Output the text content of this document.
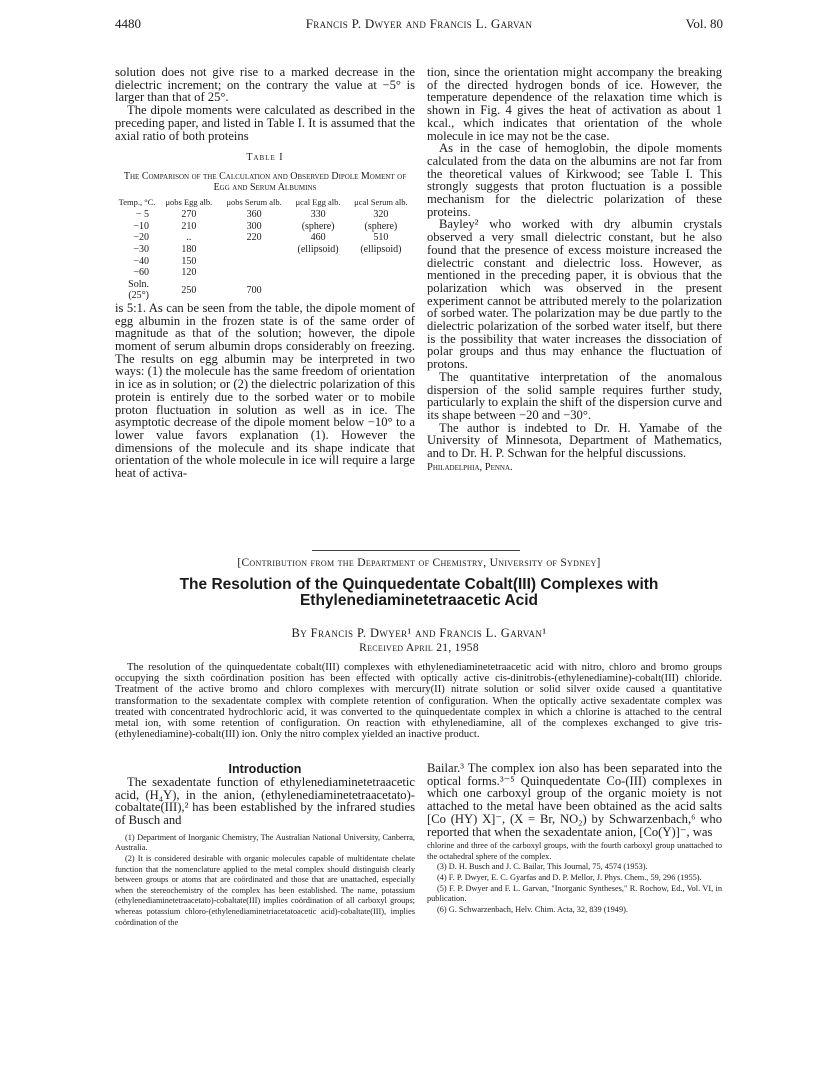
4480	Francis P. Dwyer and Francis L. Garvan	Vol. 80

solution does not give rise to a marked decrease in the dielectric increment; on the contrary the value at −5° is larger than that of 25°.

The dipole moments were calculated as described in the preceding paper, and listed in Table I. It is assumed that the axial ratio of both proteins

Table I
The Comparison of the Calculation and Observed Dipole Moment of Egg and Serum Albumins
Temp., °C.	μobs Egg alb.	μobs Serum alb.	μcal Egg alb.	μcal Serum alb.
− 5	270	360	330	320
−10	210	300	(sphere)	(sphere)
−20	..	220	460	510
−30	180		(ellipsoid)	(ellipsoid)
−40	150			
−60	120			
Soln.(25°)	250	700		

is 5:1. As can be seen from the table, the dipole moment of egg albumin in the frozen state is of the same order of magnitude as that of the solution; however, the dipole moment of serum albumin drops considerably on freezing. The results on egg albumin may be interpreted in two ways: (1) the molecule has the same freedom of orientation in ice as in solution; or (2) the dielectric polarization of this protein is entirely due to the sorbed water or to mobile proton fluctuation in solution as well as in ice. The asymptotic decrease of the dipole moment below −10° to a lower value favors explanation (1). However the dimensions of the molecule and its shape indicate that orientation of the whole molecule in ice will require a large heat of activa-

tion, since the orientation might accompany the breaking of the directed hydrogen bonds of ice. However, the temperature dependence of the relaxation time which is shown in Fig. 4 gives the heat of activation as about 1 kcal., which indicates that orientation of the whole molecule in ice may not be the case.

As in the case of hemoglobin, the dipole moments calculated from the data on the albumins are not far from the theoretical values of Kirkwood; see Table I. This strongly suggests that proton fluctuation is a possible mechanism for the dielectric polarization of these proteins.

Bayley² who worked with dry albumin crystals observed a very small dielectric constant, but he also found that the presence of excess moisture increased the dielectric constant and dielectric loss. However, as mentioned in the preceding paper, it is obvious that the polarization which was observed in the present experiment cannot be attributed merely to the polarization of sorbed water. The polarization may be due partly to the dielectric polarization of the sorbed water itself, but there is the possibility that water increases the dissociation of polar groups and thus may enhance the fluctuation of protons.

The quantitative interpretation of the anomalous dispersion of the solid sample requires further study, particularly to explain the shift of the dispersion curve and its shape between −20 and −30°.

The author is indebted to Dr. H. Yamabe of the University of Minnesota, Department of Mathematics, and to Dr. H. P. Schwan for the helpful discussions.

Philadelphia, Penna.

[Contribution from the Department of Chemistry, University of Sydney]
The Resolution of the Quinquedentate Cobalt(III) Complexes with Ethylenediaminetetraacetic Acid
By Francis P. Dwyer¹ and Francis L. Garvan¹
Received April 21, 1958
The resolution of the quinquedentate cobalt(III) complexes with ethylenediaminetetraacetic acid with nitro, chloro and bromo groups occupying the sixth coördination position has been effected with optically active cis-dinitrobis-(ethylenediamine)-cobalt(III) chloride. Treatment of the active bromo and chloro complexes with mercury(II) nitrate solution or solid silver oxide caused a quantitative transformation to the sexadentate complex with complete retention of configuration. When the optically active sexadentate complex was treated with concentrated hydrochloric acid, it was converted to the quinquedentate complex in which a chlorine is attached to the central metal ion, with some retention of configuration. On reaction with ethylenediamine, all of the complexes exchanged to give tris-(ethylenediamine)-cobalt(III) ion. Only the nitro complex yielded an inactive product.
Introduction

The sexadentate function of ethylenediaminetetraacetic acid, (H₄Y), in the anion, (ethylenediaminetetraacetato)-cobaltate(III),² has been established by the infrared studies of Busch and

(1) Department of Inorganic Chemistry, The Australian National University, Canberra, Australia.

(2) It is considered desirable with organic molecules capable of multidentate chelate function that the nomenclature applied to the metal complex should distinguish clearly between groups or atoms that are coördinated and those that are unattached, especially when the stereochemistry of the complex has been established. The name, potassium (ethylenediaminetetraacetato)-cobaltate(III) implies coördination of all carboxyl groups; whereas potassium chloro-(ethylenediaminetriacetatoacetic acid)-cobaltate(III), implies coördination of the

Bailar.³ The complex ion also has been separated into the optical forms.³⁻⁵ Quinquedentate Co-(III) complexes in which one carboxyl group of the organic moiety is not attached to the metal have been obtained as the acid salts [Co (HY) X]⁻, (X = Br, NO₂) by Schwarzenbach,⁶ who reported that when the sexadentate anion, [Co(Y)]⁻, was

chlorine and three of the carboxyl groups, with the fourth carboxyl group unattached to the octahedral sphere of the complex.

(3) D. H. Busch and J. C. Bailar, This Journal, 75, 4574 (1953).

(4) F. P. Dwyer, E. C. Gyarfas and D. P. Mellor, J. Phys. Chem., 59, 296 (1955).

(5) F. P. Dwyer and F. L. Garvan, "Inorganic Syntheses," R. Rochow, Ed., Vol. VI, in publication.

(6) G. Schwarzenbach, Helv. Chim. Acta, 32, 839 (1949).
